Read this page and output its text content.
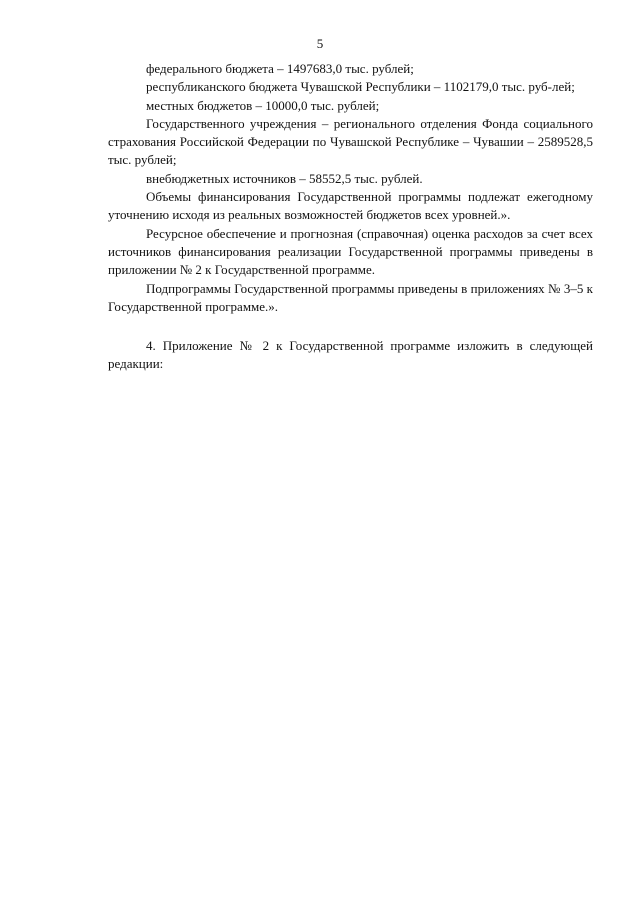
5

федерального бюджета – 1497683,0 тыс. рублей;

республиканского бюджета Чувашской Республики – 1102179,0 тыс. руб-лей;

местных бюджетов – 10000,0 тыс. рублей;

Государственного учреждения – регионального отделения Фонда социального страхования Российской Федерации по Чувашской Республике – Чувашии – 2589528,5 тыс. рублей;

внебюджетных источников – 58552,5 тыс. рублей.

Объемы финансирования Государственной программы подлежат ежегодному уточнению исходя из реальных возможностей бюджетов всех уровней.».

Ресурсное обеспечение и прогнозная (справочная) оценка расходов за счет всех источников финансирования реализации Государственной программы приведены в приложении № 2 к Государственной программе.

Подпрограммы Государственной программы приведены в приложениях № 3–5 к Государственной программе.».

4. Приложение № 2 к Государственной программе изложить в следующей редакции:
